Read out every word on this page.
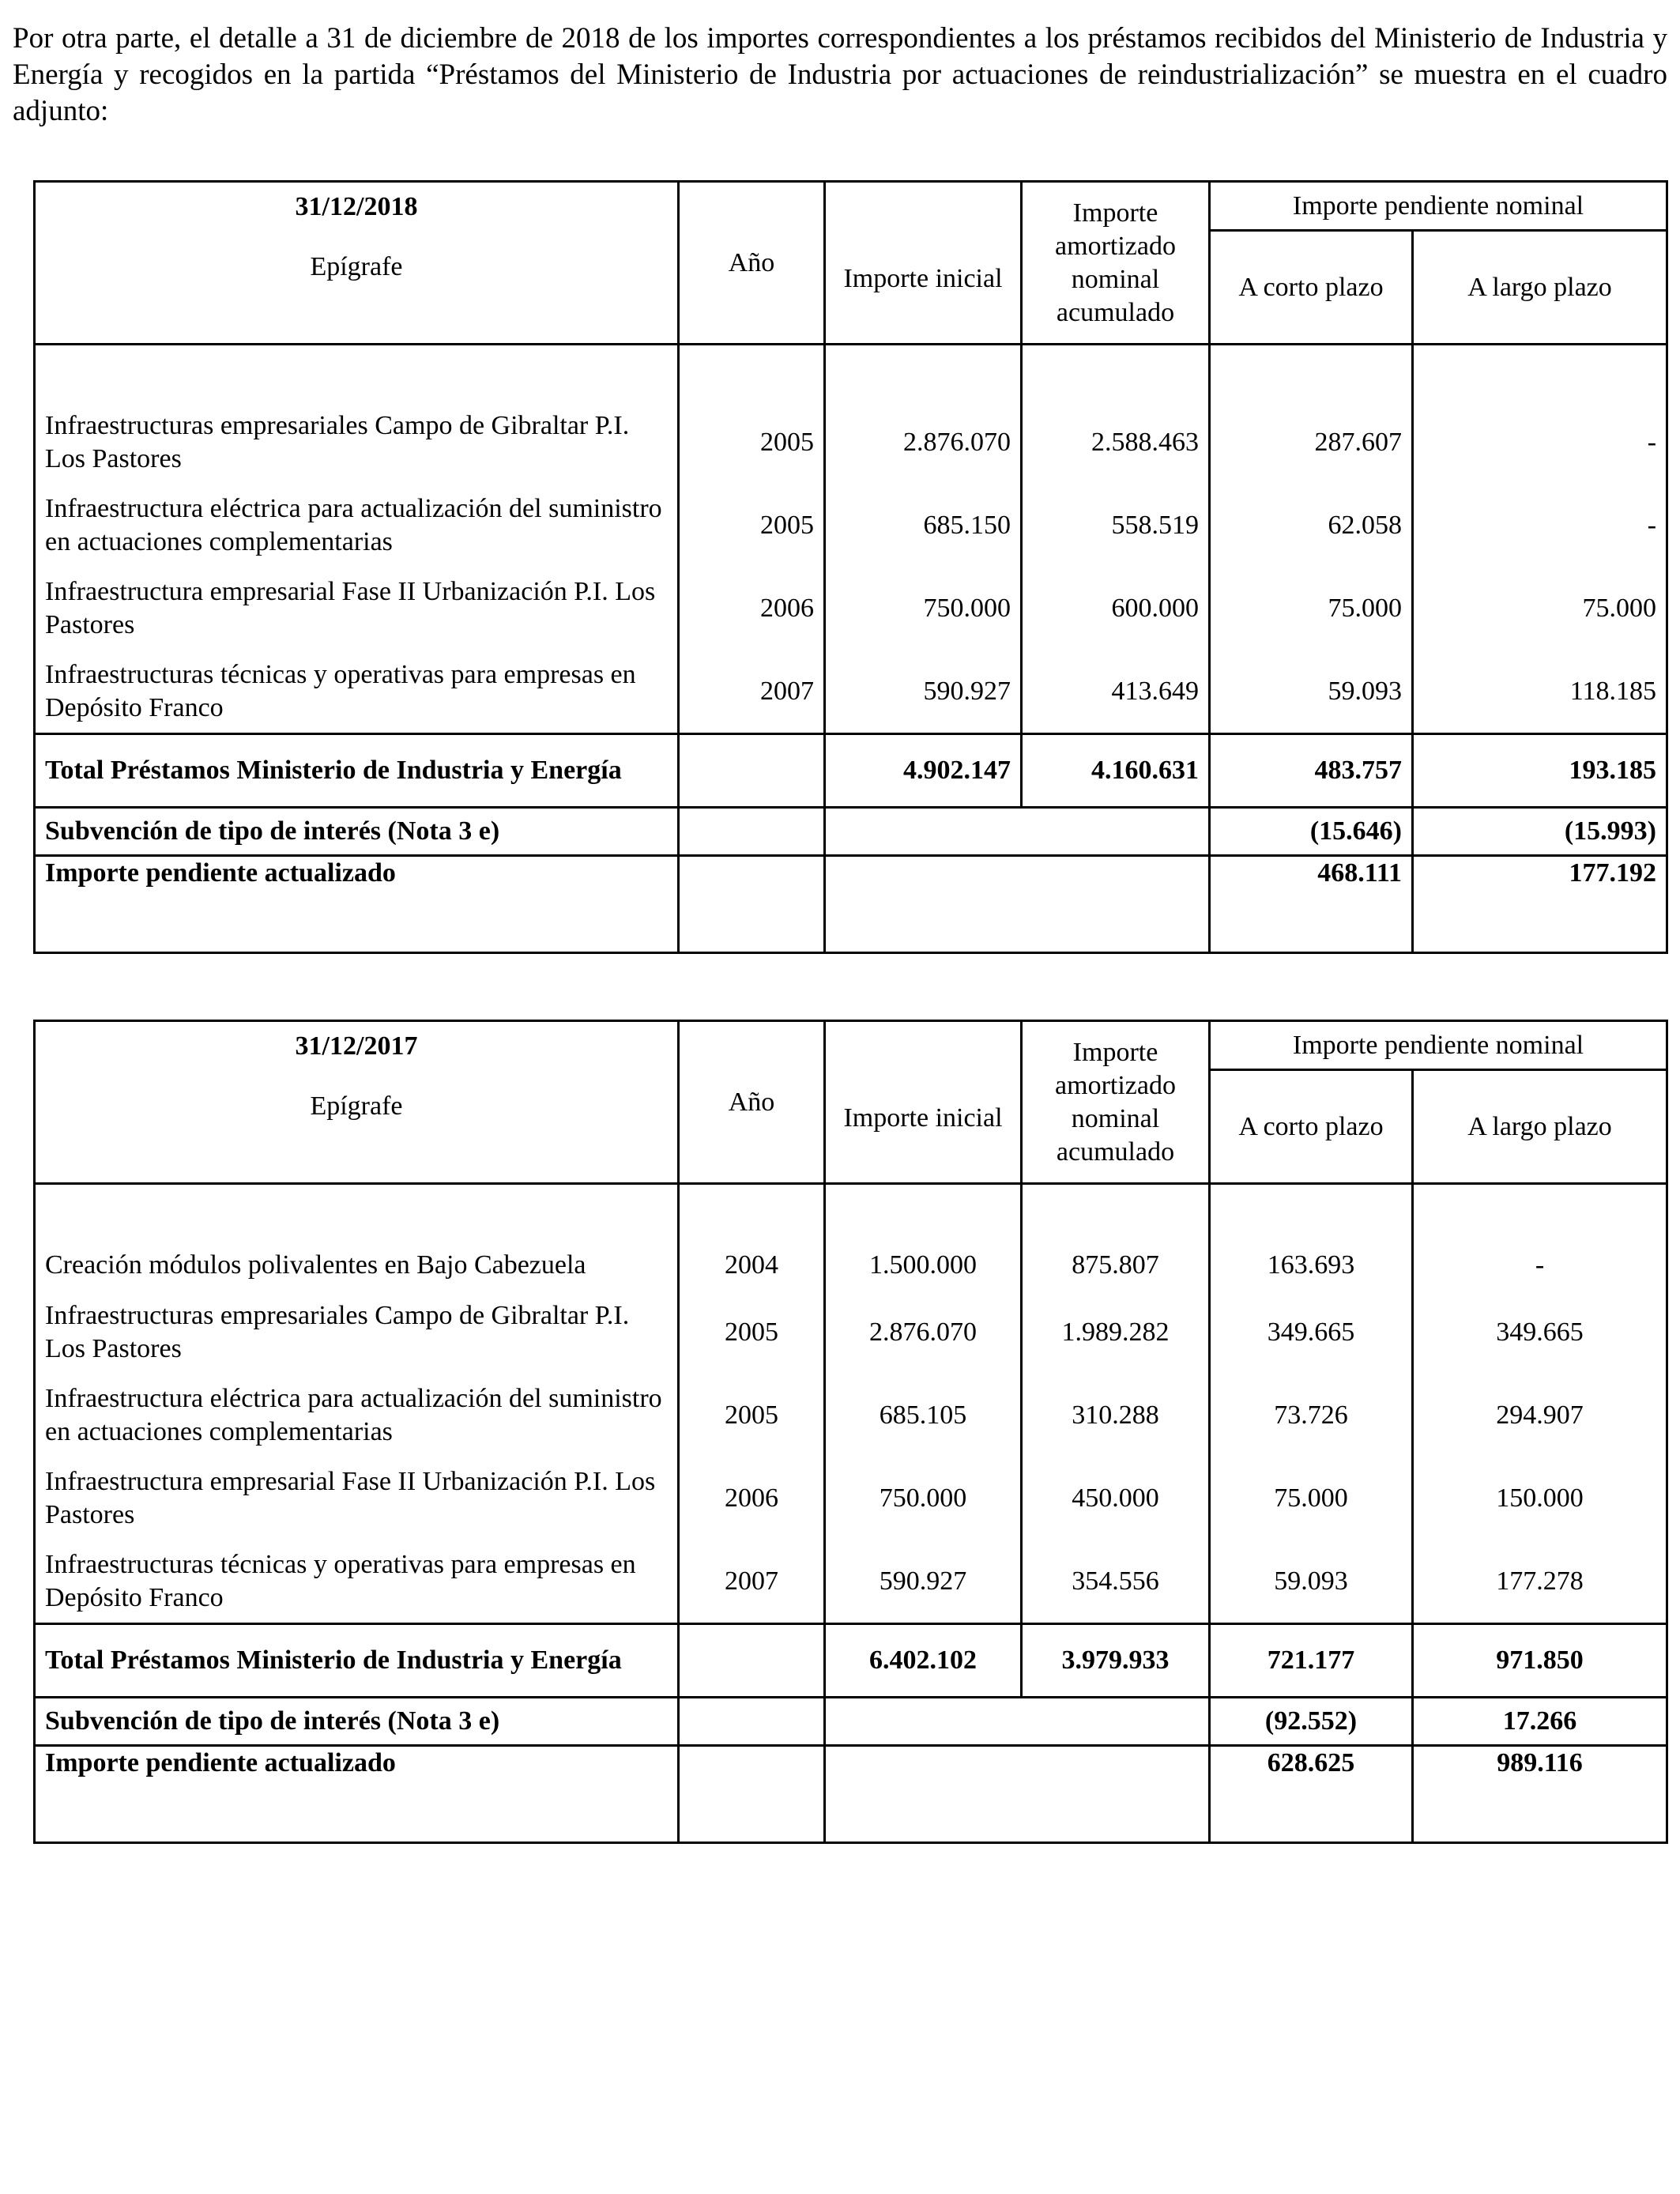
Por otra parte, el detalle a 31 de diciembre de 2018 de los importes correspondientes a los préstamos recibidos del Ministerio de Industria y Energía y recogidos en la partida “Préstamos del Ministerio de Industria por actuaciones de reindustrialización” se muestra en el cuadro adjunto:

31/12/2018
Epígrafe	Año	Importe inicial	Importe amortizado nominal acumulado	Importe pendiente nominal	
				A corto plazo	A largo plazo

Infraestructuras empresariales Campo de Gibraltar P.I. Los Pastores	2005	2.876.070	2.588.463	287.607	-
Infraestructura eléctrica para actualización del suministro en actuaciones complementarias	2005	685.150	558.519	62.058	-
Infraestructura empresarial Fase II Urbanización P.I. Los Pastores	2006	750.000	600.000	75.000	75.000
Infraestructuras técnicas y operativas para empresas en Depósito Franco	2007	590.927	413.649	59.093	118.185
Total Préstamos Ministerio de Industria y Energía		4.902.147	4.160.631	483.757	193.185
Subvención de tipo de interés (Nota 3 e)				(15.646)	(15.993)
Importe pendiente actualizado				468.111	177.192
31/12/2017
Epígrafe	Año	Importe inicial	Importe amortizado nominal acumulado	Importe pendiente nominal	
				A corto plazo	A largo plazo

Creación módulos polivalentes en Bajo Cabezuela	2004	1.500.000	875.807	163.693	-
Infraestructuras empresariales Campo de Gibraltar P.I. Los Pastores	2005	2.876.070	1.989.282	349.665	349.665
Infraestructura eléctrica para actualización del suministro en actuaciones complementarias	2005	685.105	310.288	73.726	294.907
Infraestructura empresarial Fase II Urbanización P.I. Los Pastores	2006	750.000	450.000	75.000	150.000
Infraestructuras técnicas y operativas para empresas en Depósito Franco	2007	590.927	354.556	59.093	177.278
Total Préstamos Ministerio de Industria y Energía		6.402.102	3.979.933	721.177	971.850
Subvención de tipo de interés (Nota 3 e)				(92.552)	17.266
Importe pendiente actualizado				628.625	989.116
